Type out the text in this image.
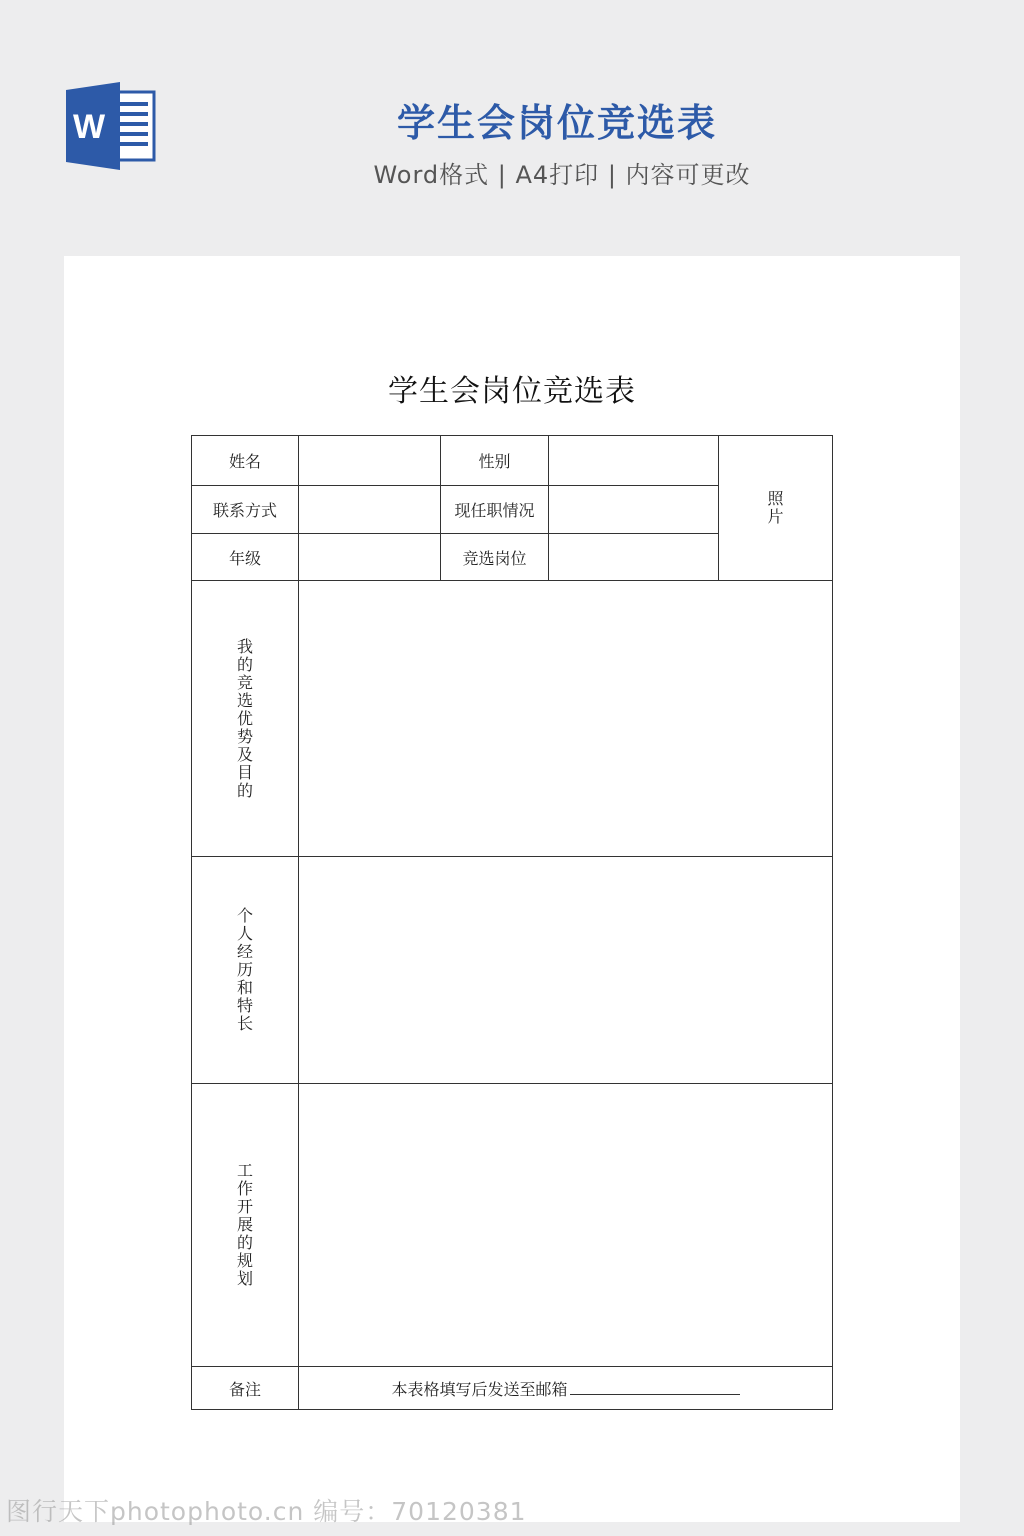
W	学生会岗位竞选表
Word格式 | A4打印 | 内容可更改
学生会岗位竞选表
姓名		性别		照片
联系方式		现任职情况		
年级		竞选岗位		
我的竞选优势及目的				
个人经历和特长				
工作开展的规划				
备注	本表格填写后发送至邮箱			
图行天下photophoto.cn 编号：70120381
